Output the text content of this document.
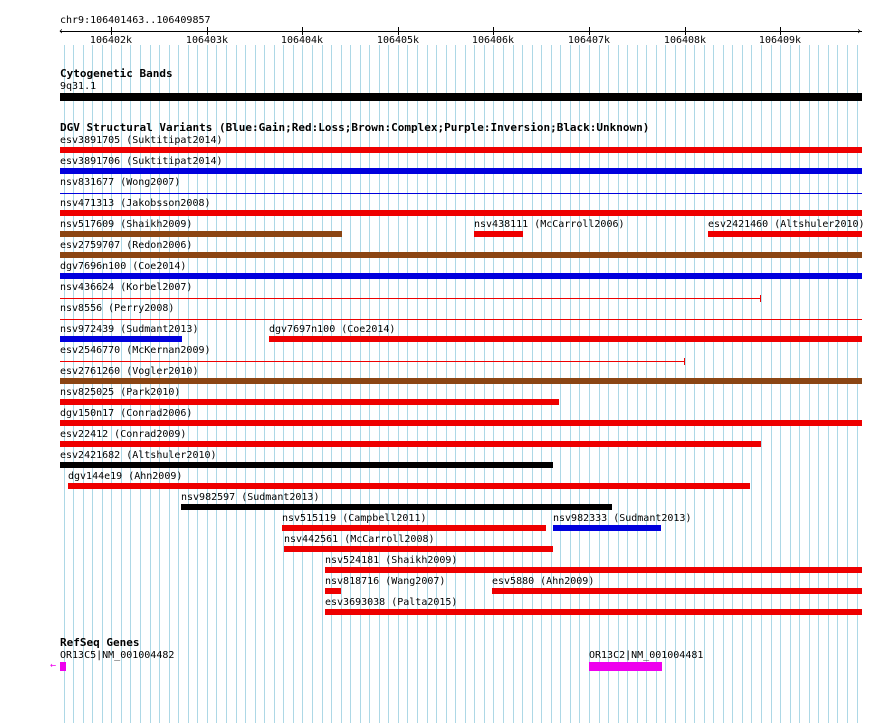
chr9:106401463..106409857
‹	›
106402k	106403k	106404k	106405k	106406k	106407k	106408k	106409k
Cytogenetic Bands
9q31.1
DGV Structural Variants (Blue:Gain;Red:Loss;Brown:Complex;Purple:Inversion;Black:Unknown)
esv3891705 (Suktitipat2014)
esv3891706 (Suktitipat2014)
nsv831677 (Wong2007)
nsv471313 (Jakobsson2008)
nsv517609 (Shaikh2009)	nsv438111 (McCarroll2006)	esv2421460 (Altshuler2010)
esv2759707 (Redon2006)
dgv7696n100 (Coe2014)
nsv436624 (Korbel2007)
nsv8556 (Perry2008)
nsv972439 (Sudmant2013)	dgv7697n100 (Coe2014)
esv2546770 (McKernan2009)
esv2761260 (Vogler2010)
nsv825025 (Park2010)
dgv150n17 (Conrad2006)
esv22412 (Conrad2009)
esv2421682 (Altshuler2010)
dgv144e19 (Ahn2009)
nsv982597 (Sudmant2013)
nsv515119 (Campbell2011)	nsv982333 (Sudmant2013)
nsv442561 (McCarroll2008)
nsv524181 (Shaikh2009)
nsv818716 (Wang2007)	esv5880 (Ahn2009)
esv3693038 (Palta2015)
RefSeq Genes
OR13C5|NM_001004482	OR13C2|NM_001004481
←
